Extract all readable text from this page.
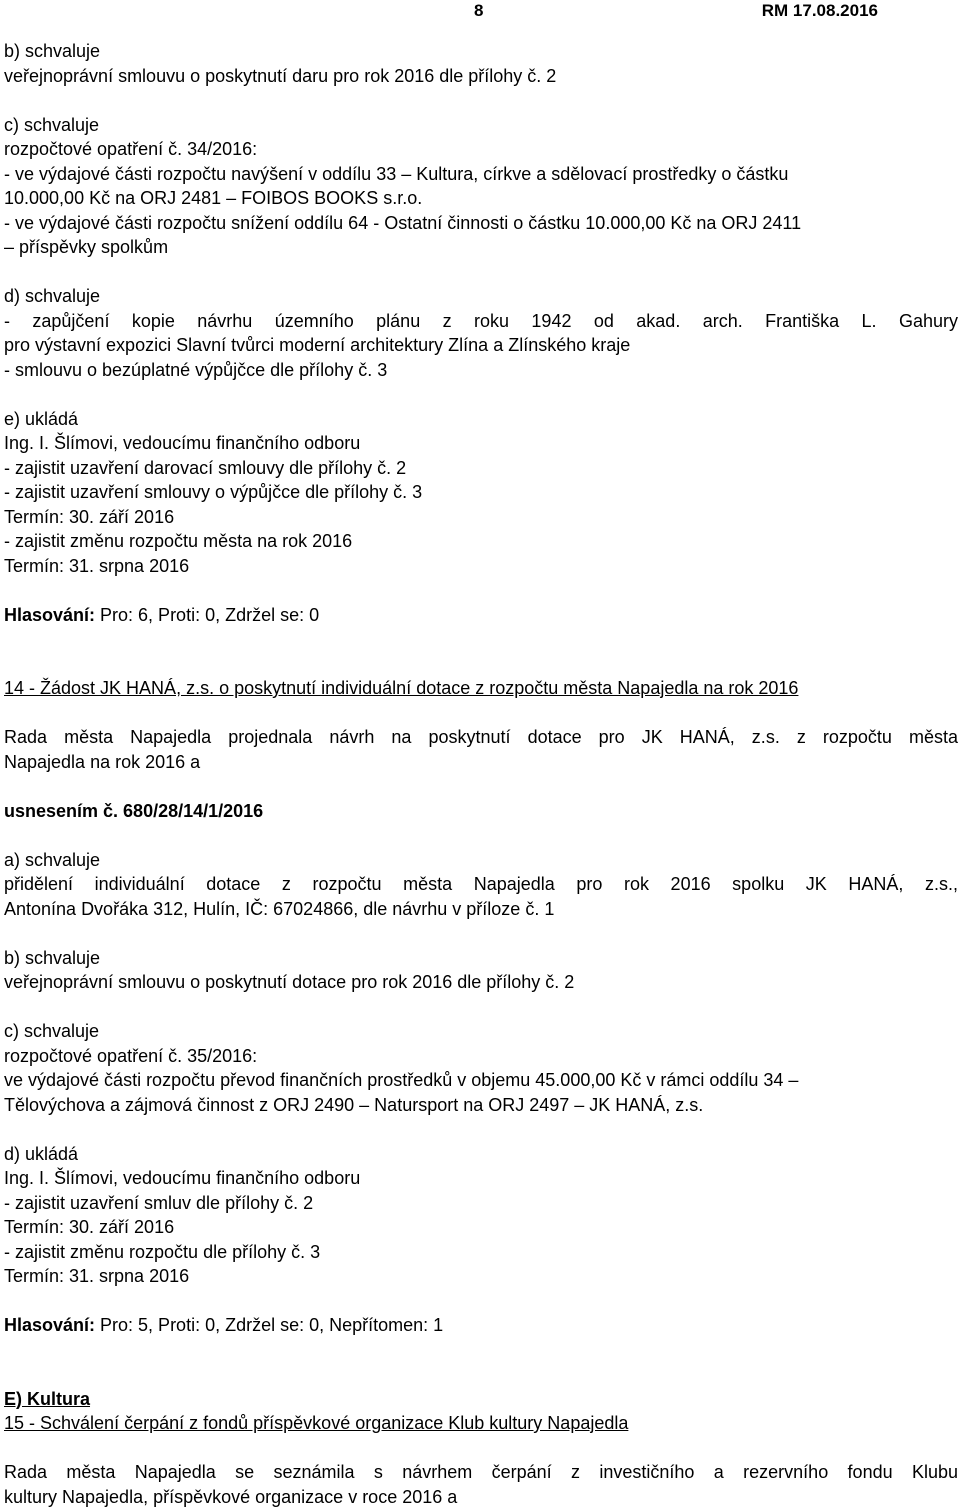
8	RM 17.08.2016

b) schvaluje

veřejnoprávní smlouvu o poskytnutí daru pro rok 2016 dle přílohy č. 2

c) schvaluje

rozpočtové opatření č. 34/2016:

- ve výdajové části rozpočtu navýšení v oddílu 33 – Kultura, církve a sdělovací prostředky o částku

10.000,00 Kč na ORJ 2481 – FOIBOS BOOKS s.r.o.

- ve výdajové části rozpočtu snížení oddílu 64 - Ostatní činnosti o částku 10.000,00 Kč na ORJ 2411

– příspěvky spolkům

d) schvaluje

- zapůjčení kopie návrhu územního plánu z roku 1942 od akad. arch. Františka L. Gahury

pro výstavní expozici Slavní tvůrci moderní architektury Zlína a Zlínského kraje

- smlouvu o bezúplatné výpůjčce dle přílohy č. 3

e) ukládá

Ing. I. Šlímovi, vedoucímu finančního odboru

- zajistit uzavření darovací smlouvy dle přílohy č. 2

- zajistit uzavření smlouvy o výpůjčce dle přílohy č. 3

Termín: 30. září 2016

- zajistit změnu rozpočtu města na rok 2016

Termín: 31. srpna 2016

Hlasování: Pro: 6, Proti: 0, Zdržel se: 0

14 - Žádost JK HANÁ, z.s. o poskytnutí individuální dotace z rozpočtu města Napajedla na rok 2016

Rada města Napajedla projednala návrh na poskytnutí dotace pro JK HANÁ, z.s. z rozpočtu města

Napajedla na rok 2016 a

usnesením č. 680/28/14/1/2016

a) schvaluje

přidělení individuální dotace z rozpočtu města Napajedla pro rok 2016 spolku JK HANÁ, z.s.,

Antonína Dvořáka 312, Hulín, IČ: 67024866, dle návrhu v příloze č. 1

b) schvaluje

veřejnoprávní smlouvu o poskytnutí dotace pro rok 2016 dle přílohy č. 2

c) schvaluje

rozpočtové opatření č. 35/2016:

ve výdajové části rozpočtu převod finančních prostředků v objemu 45.000,00 Kč v rámci oddílu 34 –

Tělovýchova a zájmová činnost z ORJ 2490 – Natursport na ORJ 2497 – JK HANÁ, z.s.

d) ukládá

Ing. I. Šlímovi, vedoucímu finančního odboru

- zajistit uzavření smluv dle přílohy č. 2

Termín: 30. září 2016

- zajistit změnu rozpočtu dle přílohy č. 3

Termín: 31. srpna 2016

Hlasování: Pro: 5, Proti: 0, Zdržel se: 0, Nepřítomen: 1

E) Kultura

15 - Schválení čerpání z fondů příspěvkové organizace Klub kultury Napajedla

Rada města Napajedla se seznámila s návrhem čerpání z investičního a rezervního fondu Klubu

kultury Napajedla, příspěvkové organizace v roce 2016 a
